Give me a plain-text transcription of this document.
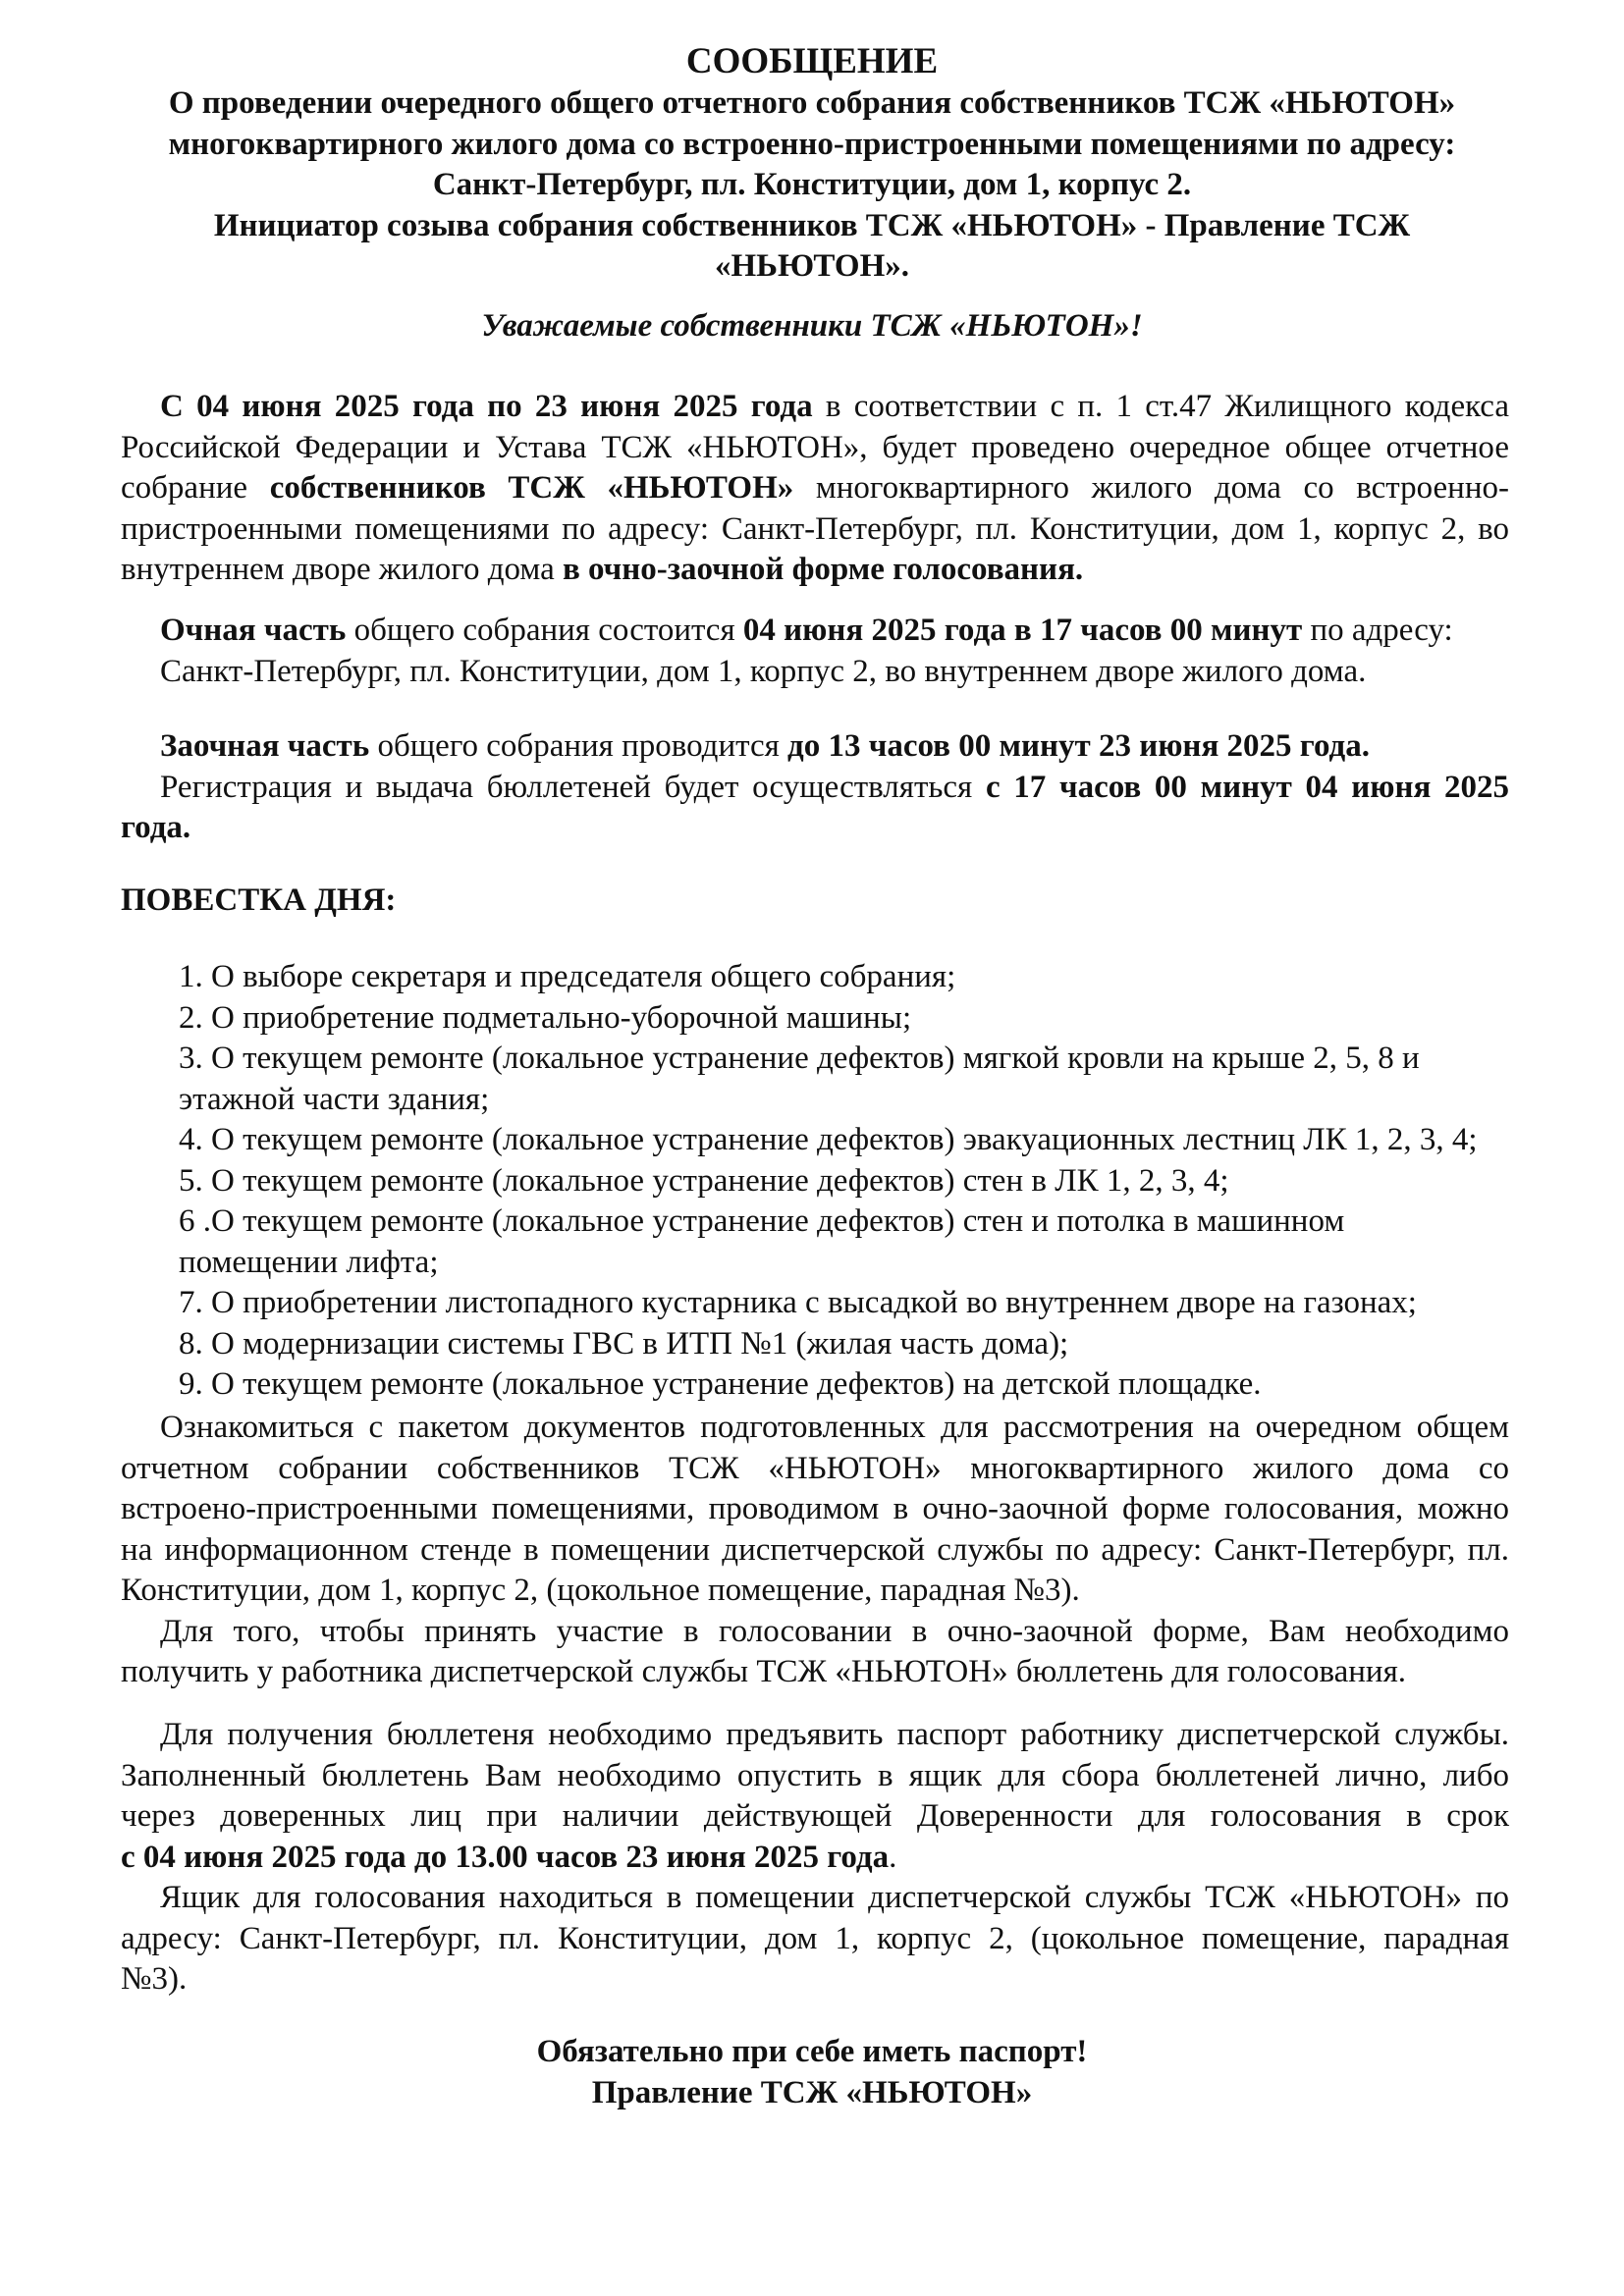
СООБЩЕНИЕ
О проведении очередного общего отчетного собрания собственников ТСЖ «НЬЮТОН»
многоквартирного жилого дома со встроенно-пристроенными помещениями по адресу:
Санкт-Петербург, пл. Конституции, дом 1, корпус 2.
Инициатор созыва собрания собственников ТСЖ «НЬЮТОН» - Правление ТСЖ
«НЬЮТОН».
Уважаемые собственники ТСЖ «НЬЮТОН»!
С 04 июня 2025 года по 23 июня 2025 года в соответствии с п. 1 ст.47 Жилищного кодекса
Российской Федерации и Устава ТСЖ «НЬЮТОН», будет проведено очередное общее отчетное
собрание собственников ТСЖ «НЬЮТОН» многоквартирного жилого дома со встроенно-
пристроенными помещениями по адресу: Санкт-Петербург, пл. Конституции, дом 1, корпус 2, во
внутреннем дворе жилого дома в очно-заочной форме голосования.
Очная часть общего собрания состоится 04 июня 2025 года в 17 часов 00 минут по адресу:
Санкт-Петербург, пл. Конституции, дом 1, корпус 2, во внутреннем дворе жилого дома.
Заочная часть общего собрания проводится до 13 часов 00 минут 23 июня 2025 года.
Регистрация и выдача бюллетеней будет осуществляться с 17 часов 00 минут 04 июня 2025
года.
ПОВЕСТКА ДНЯ:
1. О выборе секретаря и председателя общего собрания;
2. О приобретение подметально-уборочной машины;
3. О текущем ремонте (локальное устранение дефектов) мягкой кровли на крыше 2, 5, 8 и
этажной части здания;
4. О текущем ремонте (локальное устранение дефектов) эвакуационных лестниц ЛК 1, 2, 3, 4;
5. О текущем ремонте (локальное устранение дефектов) стен в ЛК 1, 2, 3, 4;
6 .О текущем ремонте (локальное устранение дефектов) стен и потолка в машинном
помещении лифта;
7. О приобретении листопадного кустарника с высадкой во внутреннем дворе на газонах;
8. О модернизации системы ГВС в ИТП №1 (жилая часть дома);
9. О текущем ремонте (локальное устранение дефектов) на детской площадке.
Ознакомиться с пакетом документов подготовленных для рассмотрения на очередном общем
отчетном собрании собственников ТСЖ «НЬЮТОН» многоквартирного жилого дома со
встроено-пристроенными помещениями, проводимом в очно-заочной форме голосования, можно
на информационном стенде в помещении диспетчерской службы по адресу: Санкт-Петербург, пл.
Конституции, дом 1, корпус 2, (цокольное помещение, парадная №3).
Для того, чтобы принять участие в голосовании в очно-заочной форме, Вам необходимо
получить у работника диспетчерской службы ТСЖ «НЬЮТОН» бюллетень для голосования.
Для получения бюллетеня необходимо предъявить паспорт работнику диспетчерской службы.
Заполненный бюллетень Вам необходимо опустить в ящик для сбора бюллетеней лично, либо
через доверенных лиц при наличии действующей Доверенности для голосования в срок
с 04 июня 2025 года до 13.00 часов 23 июня 2025 года.
Ящик для голосования находиться в помещении диспетчерской службы ТСЖ «НЬЮТОН» по
адресу: Санкт-Петербург, пл. Конституции, дом 1, корпус 2, (цокольное помещение, парадная
№3).
Обязательно при себе иметь паспорт!
Правление ТСЖ «НЬЮТОН»
